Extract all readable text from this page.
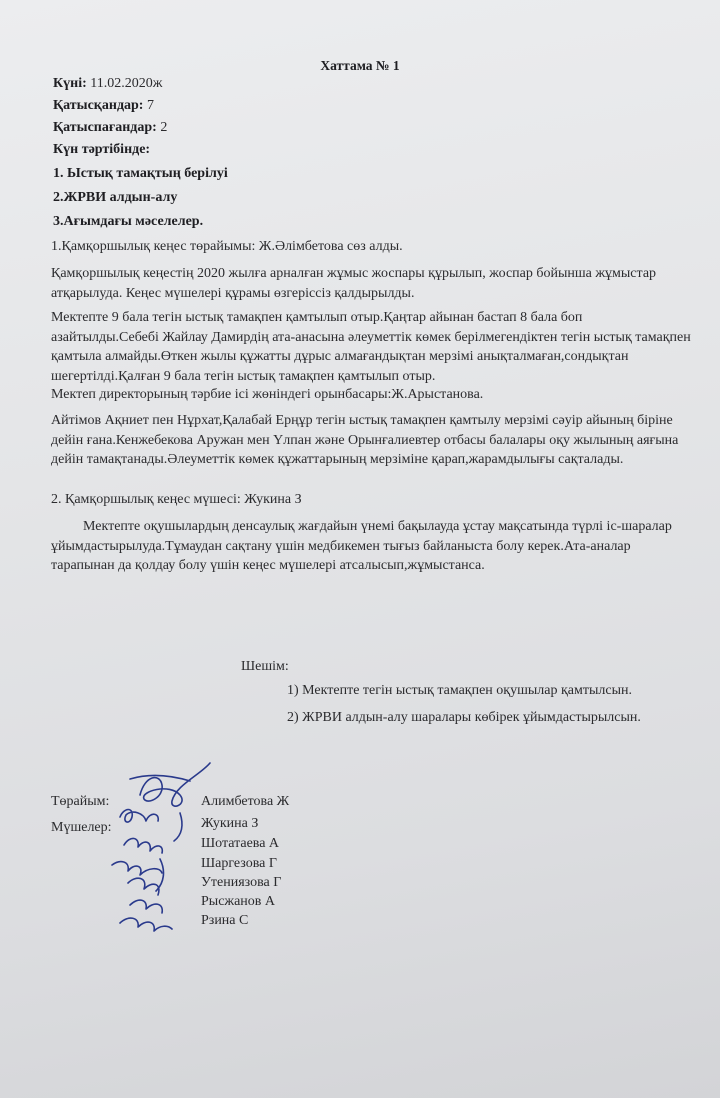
Хаттама № 1
Күні: 11.02.2020ж
Қатысқандар: 7
Қатыспағандар: 2
Күн тәртібінде:
1. Ыстық тамақтың берілуі
2.ЖРВИ алдын-алу
3.Ағымдағы мәселелер.
1.Қамқоршылық кеңес төрайымы: Ж.Әлімбетова сөз алды.
Қамқоршылық кеңестің 2020 жылға арналған жұмыс жоспары құрылып, жоспар бойынша жұмыстар атқарылуда. Кеңес мүшелері құрамы өзгеріссіз қалдырылды.
Мектепте 9 бала тегін ыстық тамақпен қамтылып отыр.Қаңтар айынан бастап 8 бала боп азайтылды.Себебі Жайлау Дамирдің ата-анасына әлеуметтік көмек берілмегендіктен тегін ыстық тамақпен қамтыла алмайды.Өткен жылы құжатты дұрыс алмағандықтан мерзімі анықталмаған,сондықтан шегертілді.Қалған 9 бала тегін ыстық тамақпен қамтылып отыр.
Мектеп директорының тәрбие ісі жөніндегі орынбасары:Ж.Арыстанова.
Айтімов Ақниет пен Нұрхат,Қалабай Ерңұр тегін ыстық тамақпен қамтылу мерзімі сәуір айының біріне дейін ғана.Кенжебекова Аружан мен Үлпан және Орынғалиевтер отбасы балалары оқу жылының аяғына дейін тамақтанады.Әлеуметтік көмек құжаттарының мерзіміне қарап,жарамдылығы сақталады.
2. Қамқоршылық кеңес мүшесі: Жукина З
Мектепте оқушылардың денсаулық жағдайын үнемі бақылауда ұстау мақсатында түрлі іс-шаралар ұйымдастырылуда.Тұмаудан сақтану үшін медбикемен тығыз байланыста болу керек.Ата-аналар тарапынан да қолдау болу үшін кеңес мүшелері атсалысып,жұмыстанса.
Шешім:
1) Мектепте тегін ыстық тамақпен оқушылар қамтылсын.
2) ЖРВИ алдын-алу шаралары көбірек ұйымдастырылсын.
Төрайым:	Алимбетова Ж
Мүшелер:	Жукина З
Шотатаева А
Шаргезова Г
Утениязова Г
Рысжанов А
Рзина С
